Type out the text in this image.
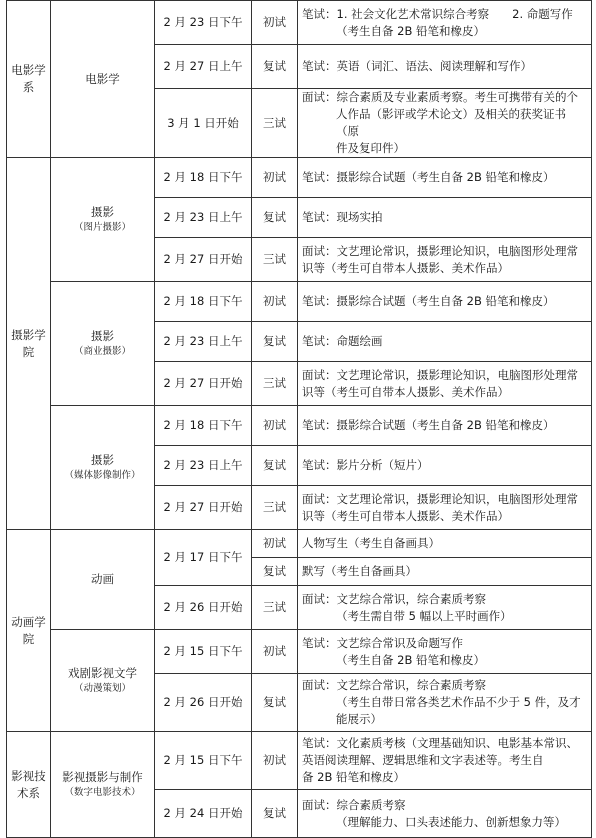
电影学系	电影学	2 月 23 日下午	初试	笔试：1. 社会文化艺术常识综合考察　　2. 命题写作
（考生自备 2B 铅笔和橡皮）

		2 月 27 日上午	复试	笔试：英语（词汇、语法、阅读理解和写作）

		3 月 1 日开始	三试	面试：综合素质及专业素质考察。考生可携带有关的个
人作品（影评或学术论文）及相关的获奖证书（原
件及复印件）

摄影学院	摄影
（图片摄影）	2 月 18 日下午	初试	笔试：摄影综合试题（考生自备 2B 铅笔和橡皮）

		2 月 23 日上午	复试	笔试：现场实拍

		2 月 27 日开始	三试	面试：文艺理论常识，摄影理论知识，电脑图形处理常
识等（考生可自带本人摄影、美术作品）

	摄影
（商业摄影）	2 月 18 日下午	初试	笔试：摄影综合试题（考生自备 2B 铅笔和橡皮）

		2 月 23 日上午	复试	笔试：命题绘画

		2 月 27 日开始	三试	面试：文艺理论常识，摄影理论知识，电脑图形处理常
识等（考生可自带本人摄影、美术作品）

	摄影
（媒体影像制作）	2 月 18 日下午	初试	笔试：摄影综合试题（考生自备 2B 铅笔和橡皮）

		2 月 23 日上午	复试	笔试：影片分析（短片）

		2 月 27 日开始	三试	面试：文艺理论常识，摄影理论知识，电脑图形处理常
识等（考生可自带本人摄影、美术作品）

动画学院	动画	2 月 17 日下午	初试	人物写生（考生自备画具）

			复试	默写（考生自备画具）

		2 月 26 日开始	三试	面试：文艺综合常识，综合素质考察
（考生需自带 5 幅以上平时画作）

	戏剧影视文学
（动漫策划）	2 月 15 日下午	初试	笔试：文艺综合常识及命题写作
（考生自备 2B 铅笔和橡皮）

		2 月 26 日开始	复试	面试：文艺综合常识，综合素质考察
（考生自带日常各类艺术作品不少于 5 件，及才
能展示）

影视技术系	影视摄影与制作
（数字电影技术）	2 月 15 日下午	初试	笔试：文化素质考核（文理基础知识、电影基本常识、
英语阅读理解、逻辑思维和文字表述等。考生自
备 2B 铅笔和橡皮）

		2 月 24 日开始	复试	面试：综合素质考察
（理解能力、口头表述能力、创新想象力等）
